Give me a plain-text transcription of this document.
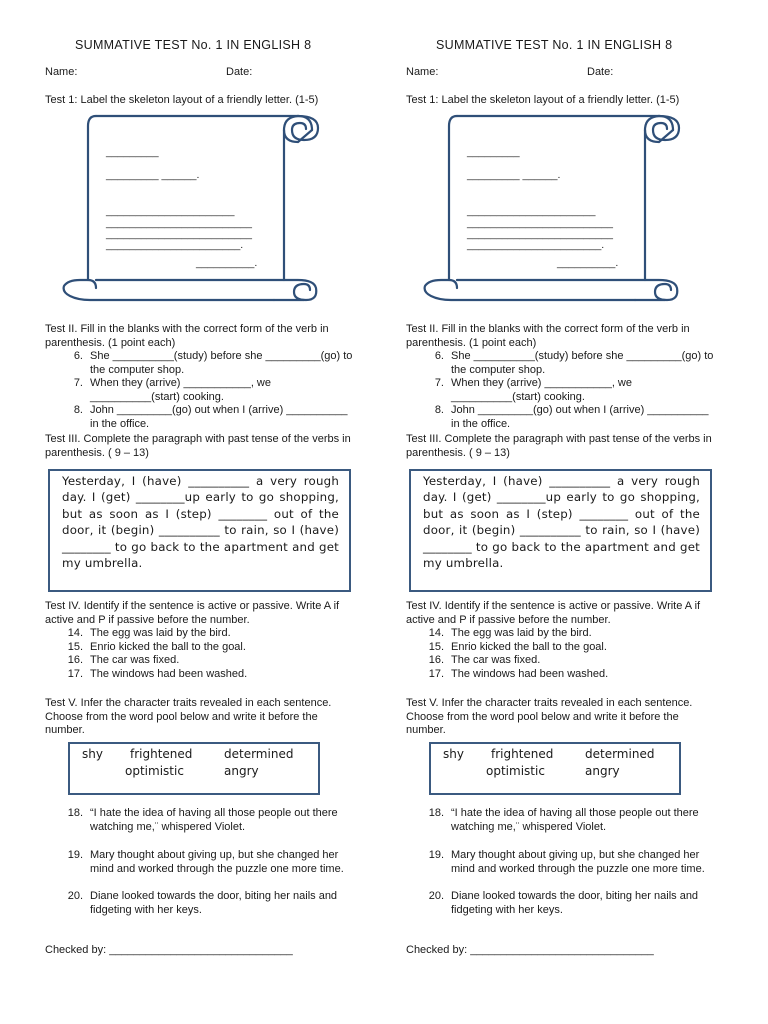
SUMMATIVE TEST No. 1 IN ENGLISH 8
Name:	Date:
Test 1: Label the skeleton layout of a friendly letter. (1-5)
_________
_________ ______.
______________________
_________________________
_________________________
_______________________.
__________.
Test II. Fill in the blanks with the correct form of the verb in
parenthesis. (1 point each)
6. She __________(study) before she _________(go) to
the computer shop.
7. When they (arrive) ___________, we
__________(start) cooking.
8. John _________(go) out when I (arrive) __________
in the office.
Test III. Complete the paragraph with past tense of the verbs in
parenthesis. ( 9 – 13)
Yesterday, I (have) __________ a very rough day. I (get) ________up early to go shopping, but as soon as I (step) ________ out of the door, it (begin) __________ to rain, so I (have) ________ to go back to the apartment and get my umbrella.
Test IV. Identify if the sentence is active or passive. Write A if
active and P if passive before the number.
14. The egg was laid by the bird.
15. Enrio kicked the ball to the goal.
16. The car was fixed.
17. The windows had been washed.
Test V. Infer the character traits revealed in each sentence.
Choose from the word pool below and write it before the
number.
shy frightened	determined
optimistic	angry
18. “I hate the idea of having all those people out there
watching me,¨ whispered Violet.
19. Mary thought about giving up, but she changed her
mind and worked through the puzzle one more time.
20. Diane looked towards the door, biting her nails and
fidgeting with her keys.
Checked by: ______________________________
SUMMATIVE TEST No. 1 IN ENGLISH 8
Name:	Date:
Test 1: Label the skeleton layout of a friendly letter. (1-5)
_________
_________ ______.
______________________
_________________________
_________________________
_______________________.
__________.
Test II. Fill in the blanks with the correct form of the verb in
parenthesis. (1 point each)
6. She __________(study) before she _________(go) to
the computer shop.
7. When they (arrive) ___________, we
__________(start) cooking.
8. John _________(go) out when I (arrive) __________
in the office.
Test III. Complete the paragraph with past tense of the verbs in
parenthesis. ( 9 – 13)
Yesterday, I (have) __________ a very rough day. I (get) ________up early to go shopping, but as soon as I (step) ________ out of the door, it (begin) __________ to rain, so I (have) ________ to go back to the apartment and get my umbrella.
Test IV. Identify if the sentence is active or passive. Write A if
active and P if passive before the number.
14. The egg was laid by the bird.
15. Enrio kicked the ball to the goal.
16. The car was fixed.
17. The windows had been washed.
Test V. Infer the character traits revealed in each sentence.
Choose from the word pool below and write it before the
number.
shy frightened	determined
optimistic	angry
18. “I hate the idea of having all those people out there
watching me,¨ whispered Violet.
19. Mary thought about giving up, but she changed her
mind and worked through the puzzle one more time.
20. Diane looked towards the door, biting her nails and
fidgeting with her keys.
Checked by: ______________________________
